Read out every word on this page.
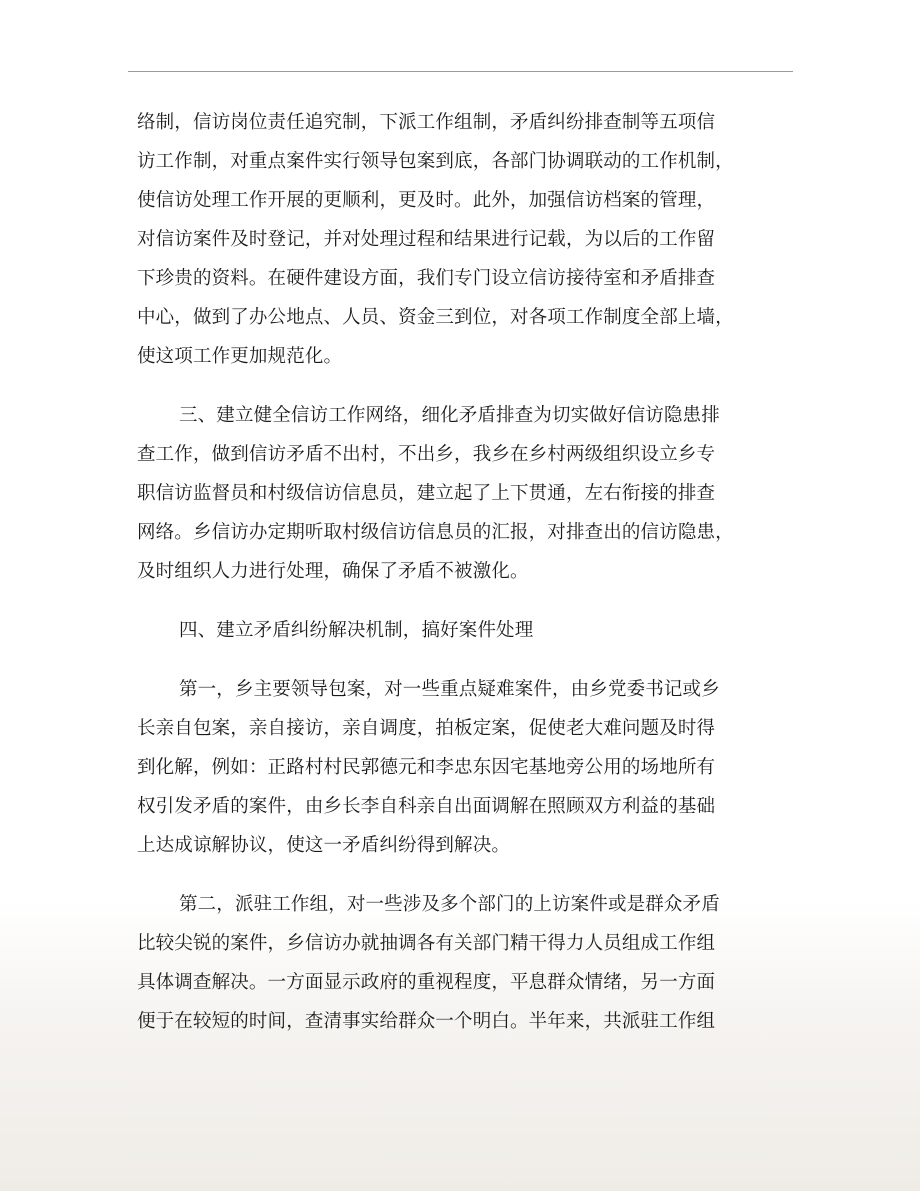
络制，信访岗位责任追究制，下派工作组制，矛盾纠纷排查制等五项信
访工作制，对重点案件实行领导包案到底，各部门协调联动的工作机制，
使信访处理工作开展的更顺利，更及时。此外，加强信访档案的管理，
对信访案件及时登记，并对处理过程和结果进行记载，为以后的工作留
下珍贵的资料。在硬件建设方面，我们专门设立信访接待室和矛盾排查
中心，做到了办公地点、人员、资金三到位，对各项工作制度全部上墙，
使这项工作更加规范化。
三、建立健全信访工作网络，细化矛盾排查为切实做好信访隐患排
查工作，做到信访矛盾不出村，不出乡，我乡在乡村两级组织设立乡专
职信访监督员和村级信访信息员，建立起了上下贯通，左右衔接的排查
网络。乡信访办定期听取村级信访信息员的汇报，对排查出的信访隐患，
及时组织人力进行处理，确保了矛盾不被激化。
四、建立矛盾纠纷解决机制，搞好案件处理
第一，乡主要领导包案，对一些重点疑难案件，由乡党委书记或乡
长亲自包案，亲自接访，亲自调度，拍板定案，促使老大难问题及时得
到化解，例如：正路村村民郭德元和李忠东因宅基地旁公用的场地所有
权引发矛盾的案件，由乡长李自科亲自出面调解在照顾双方利益的基础
上达成谅解协议，使这一矛盾纠纷得到解决。
第二，派驻工作组，对一些涉及多个部门的上访案件或是群众矛盾
比较尖锐的案件，乡信访办就抽调各有关部门精干得力人员组成工作组
具体调查解决。一方面显示政府的重视程度，平息群众情绪，另一方面
便于在较短的时间，查清事实给群众一个明白。半年来，共派驻工作组
